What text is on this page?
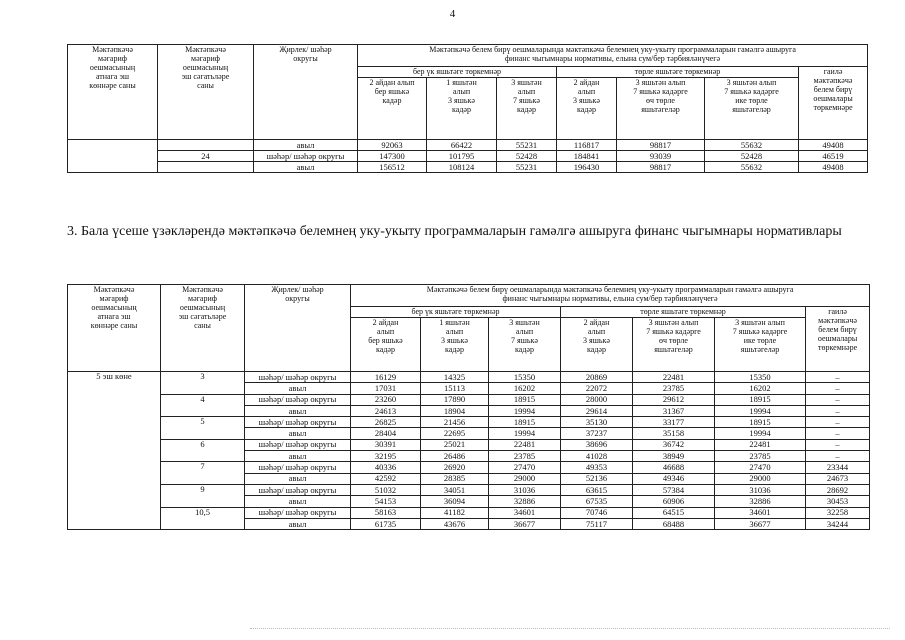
4
Мәктәпкәчә
мәгариф
оешмасының
атнага эш
көннәре саны	Мәктәпкәчә
мәгариф
оешмасының
эш сәгатьләре
саны	Җирлек/ шәһәр
округы	Мәктәпкәчә белем бирү оешмаларында мәктәпкәчә белемнең уку-укыту программаларын гамәлгә ашыруга
финанс чыгымнары нормативы, елына сум/бер тәрбияләнүчегә						
			бер үк яшьтәге төркемнәр			төрле яшьтәге төркемнәр			гаилә
мәктәпкәчә
белем бирү
оешмалары
төркемнәре
			2 айдан алып
бер яшькә
кадәр	1 яшьтән
алып
3 яшькә
кадәр	3 яшьтән
алып
7 яшькә
кадәр	2 айдан
алып
3 яшькә
кадәр	3 яшьтән алып
7 яшькә кадәрге
өч төрле
яшьтәгеләр	3 яшьтән алып
7 яшькә кадәрге
ике төрле
яшьтәгеләр	
		авыл	92063	66422	55231	116817	98817	55632	49408
	24	шәһәр/ шәһәр округы	147300	101795	52428	184841	93039	52428	46519
		авыл	156512	108124	55231	196430	98817	55632	49408
3. Бала үсеше үзәкләрендә мәктәпкәчә белемнең уку-укыту программаларын гамәлгә ашыруга финанс чыгымнары нормативлары
Мәктәпкәчә
мәгариф
оешмасының
атнага эш
көннәре саны	Мәктәпкәчә
мәгариф
оешмасының
эш сәгатьләре
саны	Җирлек/ шәһәр
округы	Мәктәпкәчә белем бирү оешмаларында мәктәпкәчә белемнең уку-укыту программаларын гамәлгә ашыруга
финанс чыгымнары нормативы, елына сум/бер тәрбияләнүчегә						
			бер үк яшьтәге төркемнәр			төрле яшьтәге төркемнәр			гаилә
мәктәпкәчә
белем бирү
оешмалары
төркемнәре
			2 айдан
алып
бер яшькә
кадәр	1 яшьтән
алып
3 яшькә
кадәр	3 яшьтән
алып
7 яшькә
кадәр	2 айдан
алып
3 яшькә
кадәр	3 яшьтән алып
7 яшькә кадәрге
өч төрле
яшьтәгеләр	3 яшьтән алып
7 яшькә кадәрге
ике төрле
яшьтәгеләр	
5 эш көне	3	шәһәр/ шәһәр округы	16129	14325	15350	20869	22481	15350	–
		авыл	17031	15113	16202	22072	23785	16202	–
	4	шәһәр/ шәһәр округы	23260	17890	18915	28000	29612	18915	–
		авыл	24613	18904	19994	29614	31367	19994	–
	5	шәһәр/ шәһәр округы	26825	21456	18915	35130	33177	18915	–
		авыл	28404	22695	19994	37237	35158	19994	–
	6	шәһәр/ шәһәр округы	30391	25021	22481	38696	36742	22481	–
		авыл	32195	26486	23785	41028	38949	23785	–
	7	шәһәр/ шәһәр округы	40336	26920	27470	49353	46688	27470	23344
		авыл	42592	28385	29000	52136	49346	29000	24673
	9	шәһәр/ шәһәр округы	51032	34051	31036	63615	57384	31036	28692
		авыл	54153	36094	32886	67535	60906	32886	30453
	10,5	шәһәр/ шәһәр округы	58163	41182	34601	70746	64515	34601	32258
		авыл	61735	43676	36677	75117	68488	36677	34244
